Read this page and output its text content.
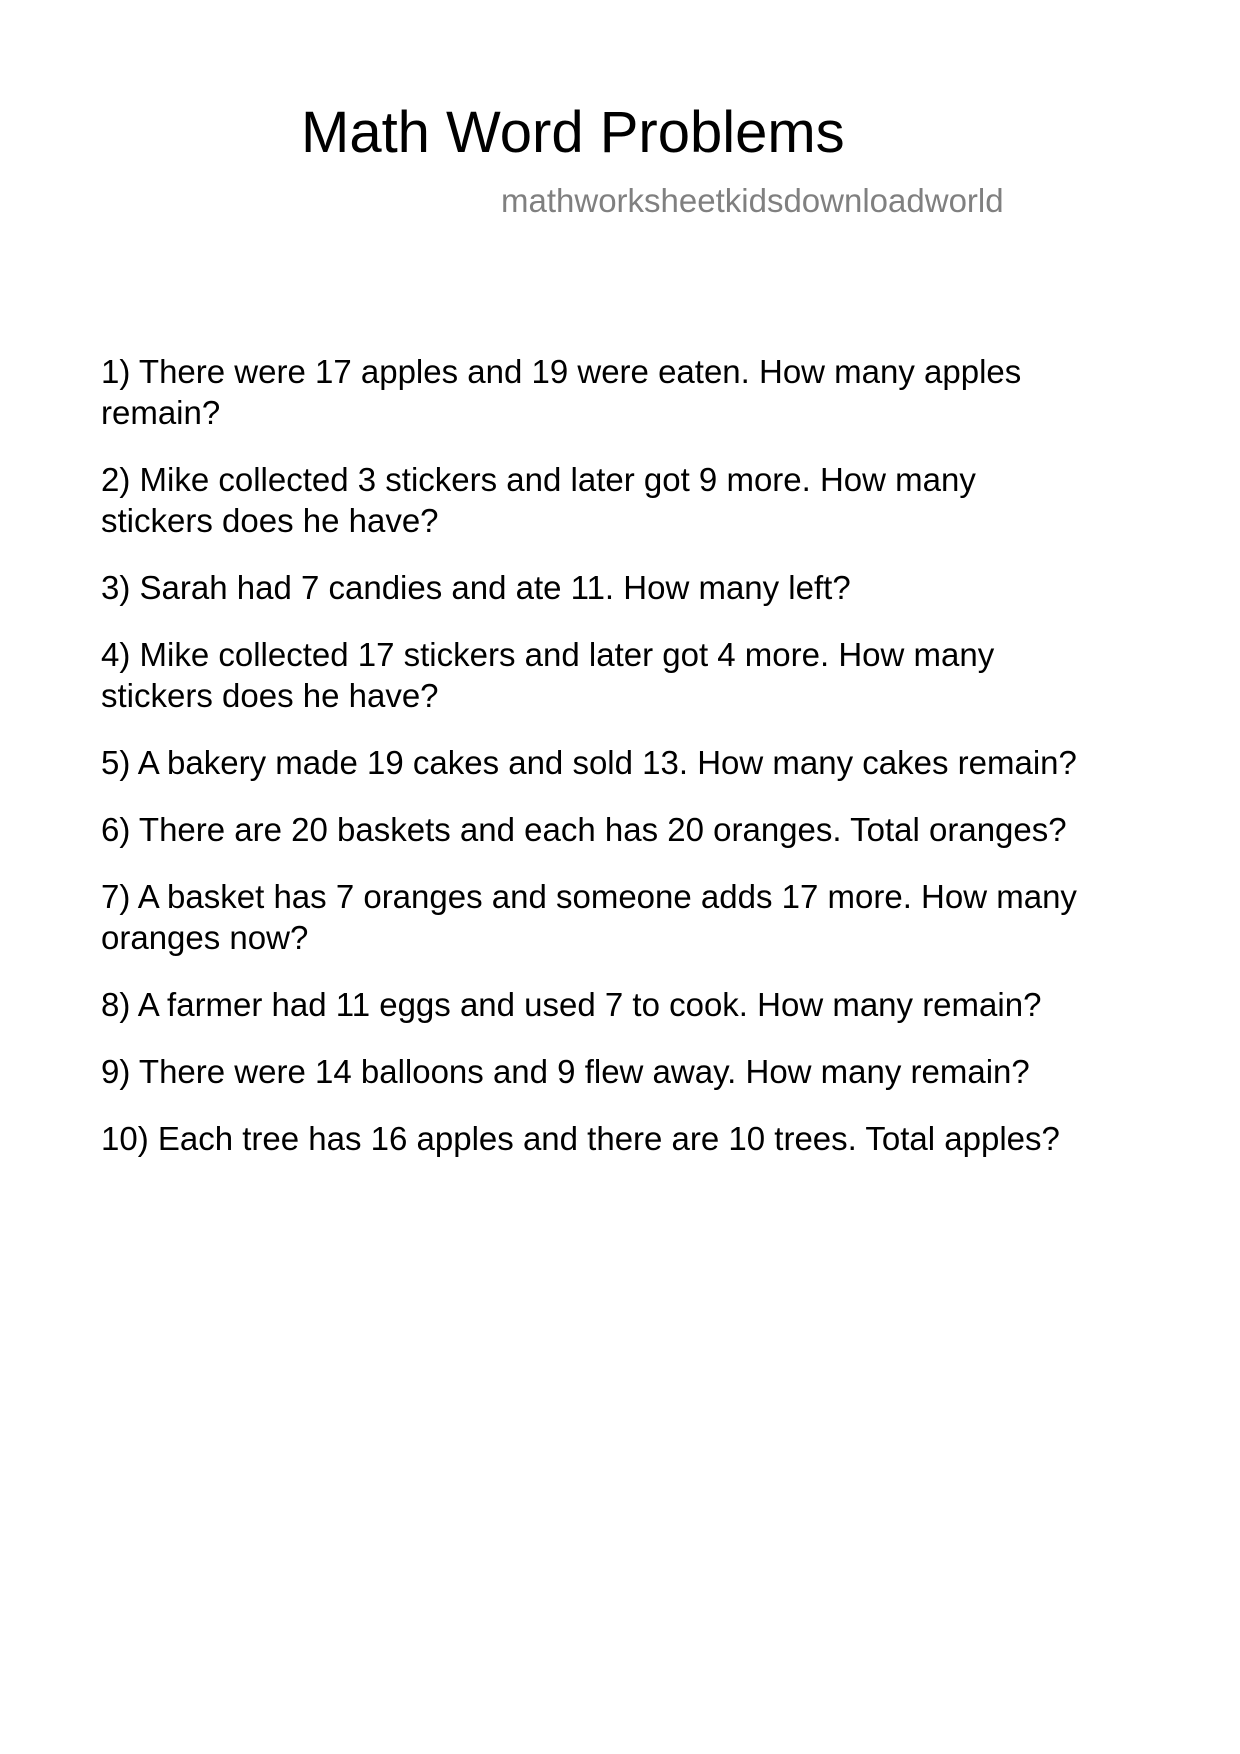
Math Word Problems
mathworksheetkidsdownloadworld
1) There were 17 apples and 19 were eaten. How many apples
remain?
2) Mike collected 3 stickers and later got 9 more. How many
stickers does he have?
3) Sarah had 7 candies and ate 11. How many left?
4) Mike collected 17 stickers and later got 4 more. How many
stickers does he have?
5) A bakery made 19 cakes and sold 13. How many cakes remain?
6) There are 20 baskets and each has 20 oranges. Total oranges?
7) A basket has 7 oranges and someone adds 17 more. How many
oranges now?
8) A farmer had 11 eggs and used 7 to cook. How many remain?
9) There were 14 balloons and 9 flew away. How many remain?
10) Each tree has 16 apples and there are 10 trees. Total apples?
